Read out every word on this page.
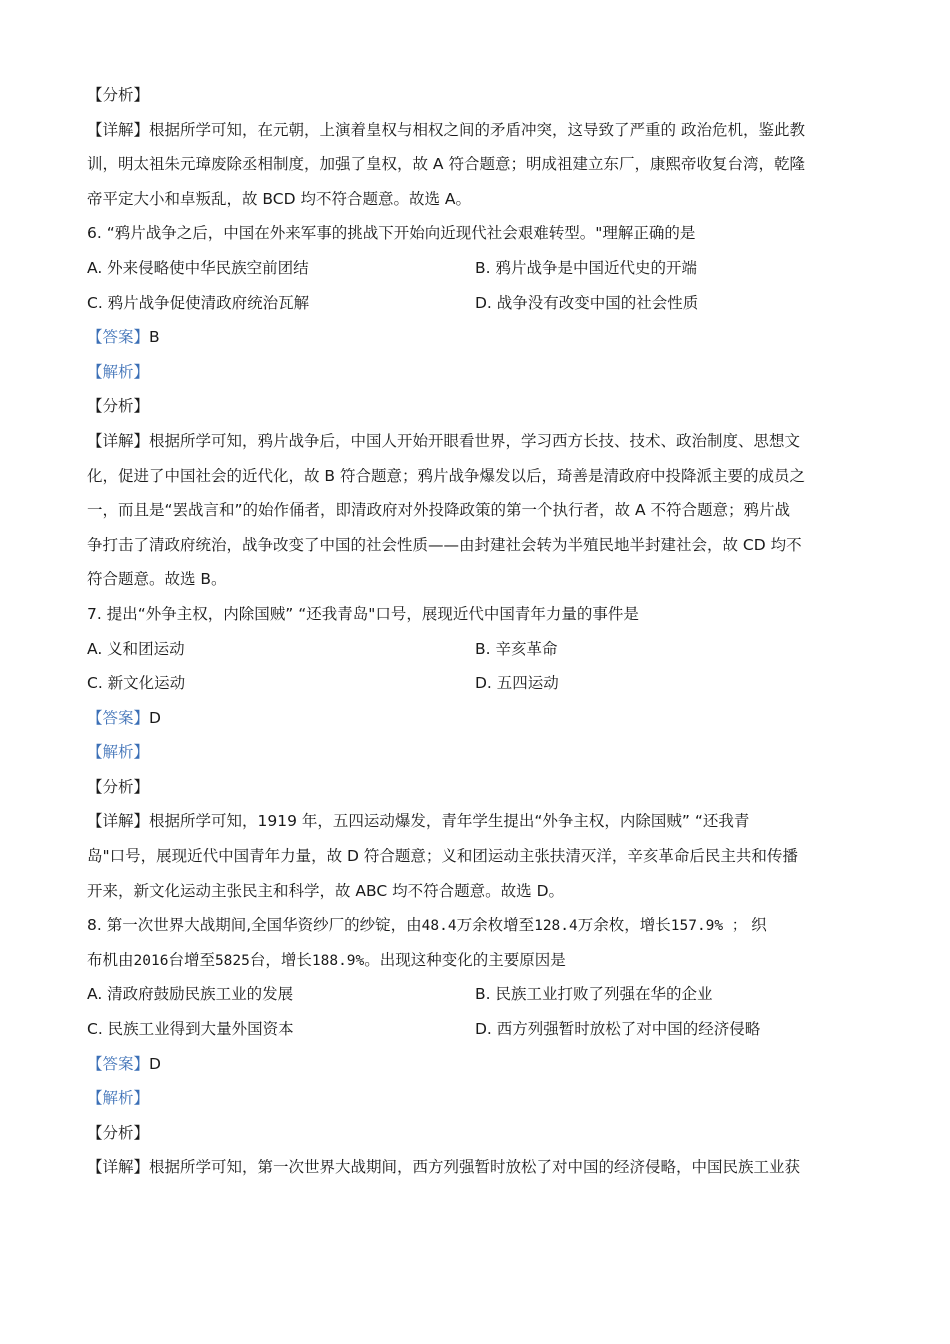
【分析】
【详解】根据所学可知，在元朝，上演着皇权与相权之间的矛盾冲突，这导致了严重的 政治危机，鉴此教
训，明太祖朱元璋废除丞相制度，加强了皇权，故 A 符合题意；明成祖建立东厂，康熙帝收复台湾，乾隆
帝平定大小和卓叛乱，故 BCD 均不符合题意。故选 A。
6. “鸦片战争之后，中国在外来军事的挑战下开始向近现代社会艰难转型。"理解正确的是
A. 外来侵略使中华民族空前团结	B. 鸦片战争是中国近代史的开端
C. 鸦片战争促使清政府统治瓦解	D. 战争没有改变中国的社会性质
【答案】B
【解析】
【分析】
【详解】根据所学可知，鸦片战争后，中国人开始开眼看世界，学习西方长技、技术、政治制度、思想文
化，促进了中国社会的近代化，故 B 符合题意；鸦片战争爆发以后，琦善是清政府中投降派主要的成员之
一，而且是“罢战言和”的始作俑者，即清政府对外投降政策的第一个执行者，故 A 不符合题意；鸦片战
争打击了清政府统治，战争改变了中国的社会性质——由封建社会转为半殖民地半封建社会，故 CD 均不
符合题意。故选 B。
7. 提出“外争主权，内除国贼” “还我青岛"口号，展现近代中国青年力量的事件是
A. 义和团运动	B. 辛亥革命
C. 新文化运动	D. 五四运动
【答案】D
【解析】
【分析】
【详解】根据所学可知，1919 年，五四运动爆发，青年学生提出“外争主权，内除国贼” “还我青
岛"口号，展现近代中国青年力量，故 D 符合题意；义和团运动主张扶清灭洋，辛亥革命后民主共和传播
开来，新文化运动主张民主和科学，故 ABC 均不符合题意。故选 D。
8. 第一次世界大战期间,全国华资纱厂的纱锭，由48.4万余枚增至128.4万余枚，增长157.9% ； 织
布机由2016台增至5825台，增长188.9%。出现这种变化的主要原因是
A. 清政府鼓励民族工业的发展	B. 民族工业打败了列强在华的企业
C. 民族工业得到大量外国资本	D. 西方列强暂时放松了对中国的经济侵略
【答案】D
【解析】
【分析】
【详解】根据所学可知，第一次世界大战期间，西方列强暂时放松了对中国的经济侵略，中国民族工业获
